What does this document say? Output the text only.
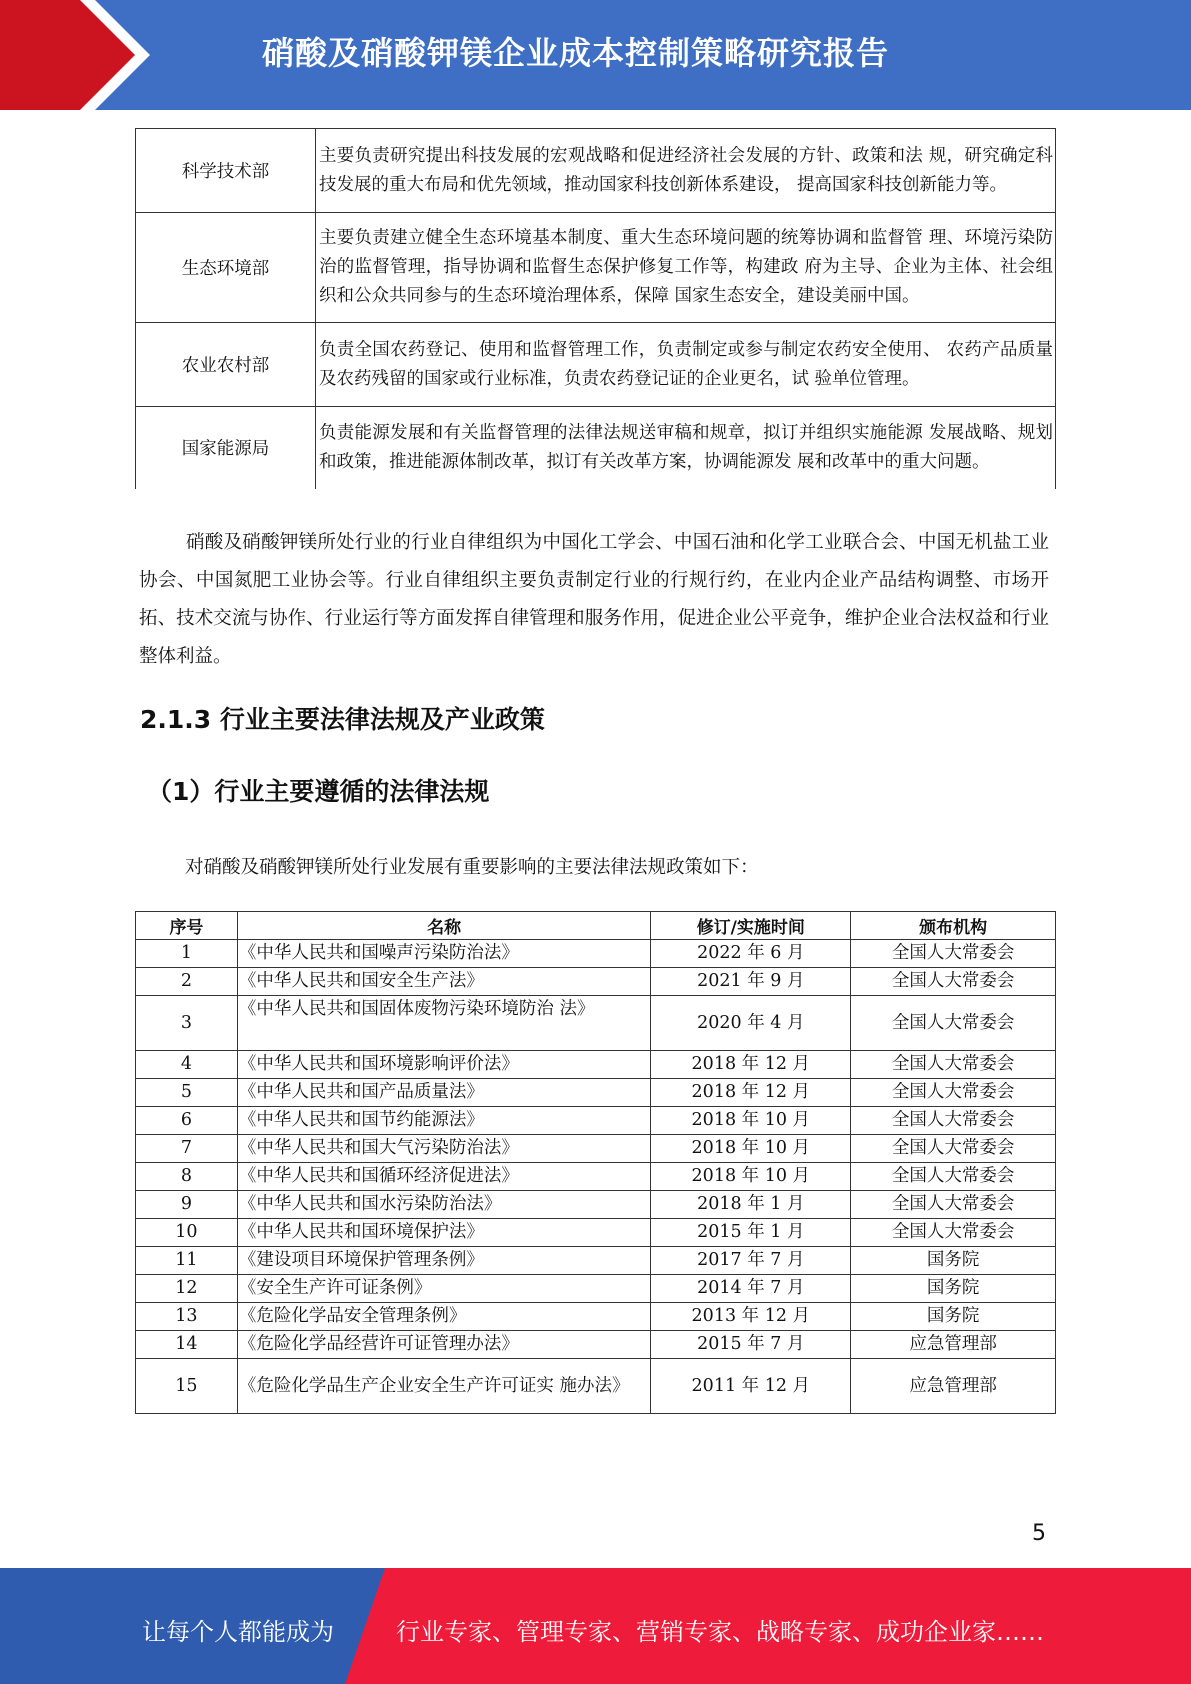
硝酸及硝酸钾镁企业成本控制策略研究报告
科学技术部	主要负责研究提出科技发展的宏观战略和促进经济社会发展的方针、政策和法 规，研究确定科技发展的重大布局和优先领域，推动国家科技创新体系建设， 提高国家科技创新能力等。
生态环境部	主要负责建立健全生态环境基本制度、重大生态环境问题的统筹协调和监督管 理、环境污染防治的监督管理，指导协调和监督生态保护修复工作等，构建政 府为主导、企业为主体、社会组织和公众共同参与的生态环境治理体系，保障 国家生态安全，建设美丽中国。
农业农村部	负责全国农药登记、使用和监督管理工作，负责制定或参与制定农药安全使用、 农药产品质量及农药残留的国家或行业标准，负责农药登记证的企业更名，试 验单位管理。
国家能源局	负责能源发展和有关监督管理的法律法规送审稿和规章，拟订并组织实施能源 发展战略、规划和政策，推进能源体制改革，拟订有关改革方案，协调能源发 展和改革中的重大问题。

硝酸及硝酸钾镁所处行业的行业自律组织为中国化工学会、中国石油和化学工业联合会、中国无机盐工业协会、中国氮肥工业协会等。行业自律组织主要负责制定行业的行规行约，在业内企业产品结构调整、市场开拓、技术交流与协作、行业运行等方面发挥自律管理和服务作用，促进企业公平竞争，维护企业合法权益和行业整体利益。

2.1.3 行业主要法律法规及产业政策
（1）行业主要遵循的法律法规

对硝酸及硝酸钾镁所处行业发展有重要影响的主要法律法规政策如下：

序号	名称	修订/实施时间	颁布机构
1	《中华人民共和国噪声污染防治法》	2022 年 6 月	全国人大常委会
2	《中华人民共和国安全生产法》	2021 年 9 月	全国人大常委会
3	《中华人民共和国固体废物污染环境防治 法》	2020 年 4 月	全国人大常委会
4	《中华人民共和国环境影响评价法》	2018 年 12 月	全国人大常委会
5	《中华人民共和国产品质量法》	2018 年 12 月	全国人大常委会
6	《中华人民共和国节约能源法》	2018 年 10 月	全国人大常委会
7	《中华人民共和国大气污染防治法》	2018 年 10 月	全国人大常委会
8	《中华人民共和国循环经济促进法》	2018 年 10 月	全国人大常委会
9	《中华人民共和国水污染防治法》	2018 年 1 月	全国人大常委会
10	《中华人民共和国环境保护法》	2015 年 1 月	全国人大常委会
11	《建设项目环境保护管理条例》	2017 年 7 月	国务院
12	《安全生产许可证条例》	2014 年 7 月	国务院
13	《危险化学品安全管理条例》	2013 年 12 月	国务院
14	《危险化学品经营许可证管理办法》	2015 年 7 月	应急管理部
15	《危险化学品生产企业安全生产许可证实 施办法》	2011 年 12 月	应急管理部
5
让每个人都能成为	行业专家、管理专家、营销专家、战略专家、成功企业家……
